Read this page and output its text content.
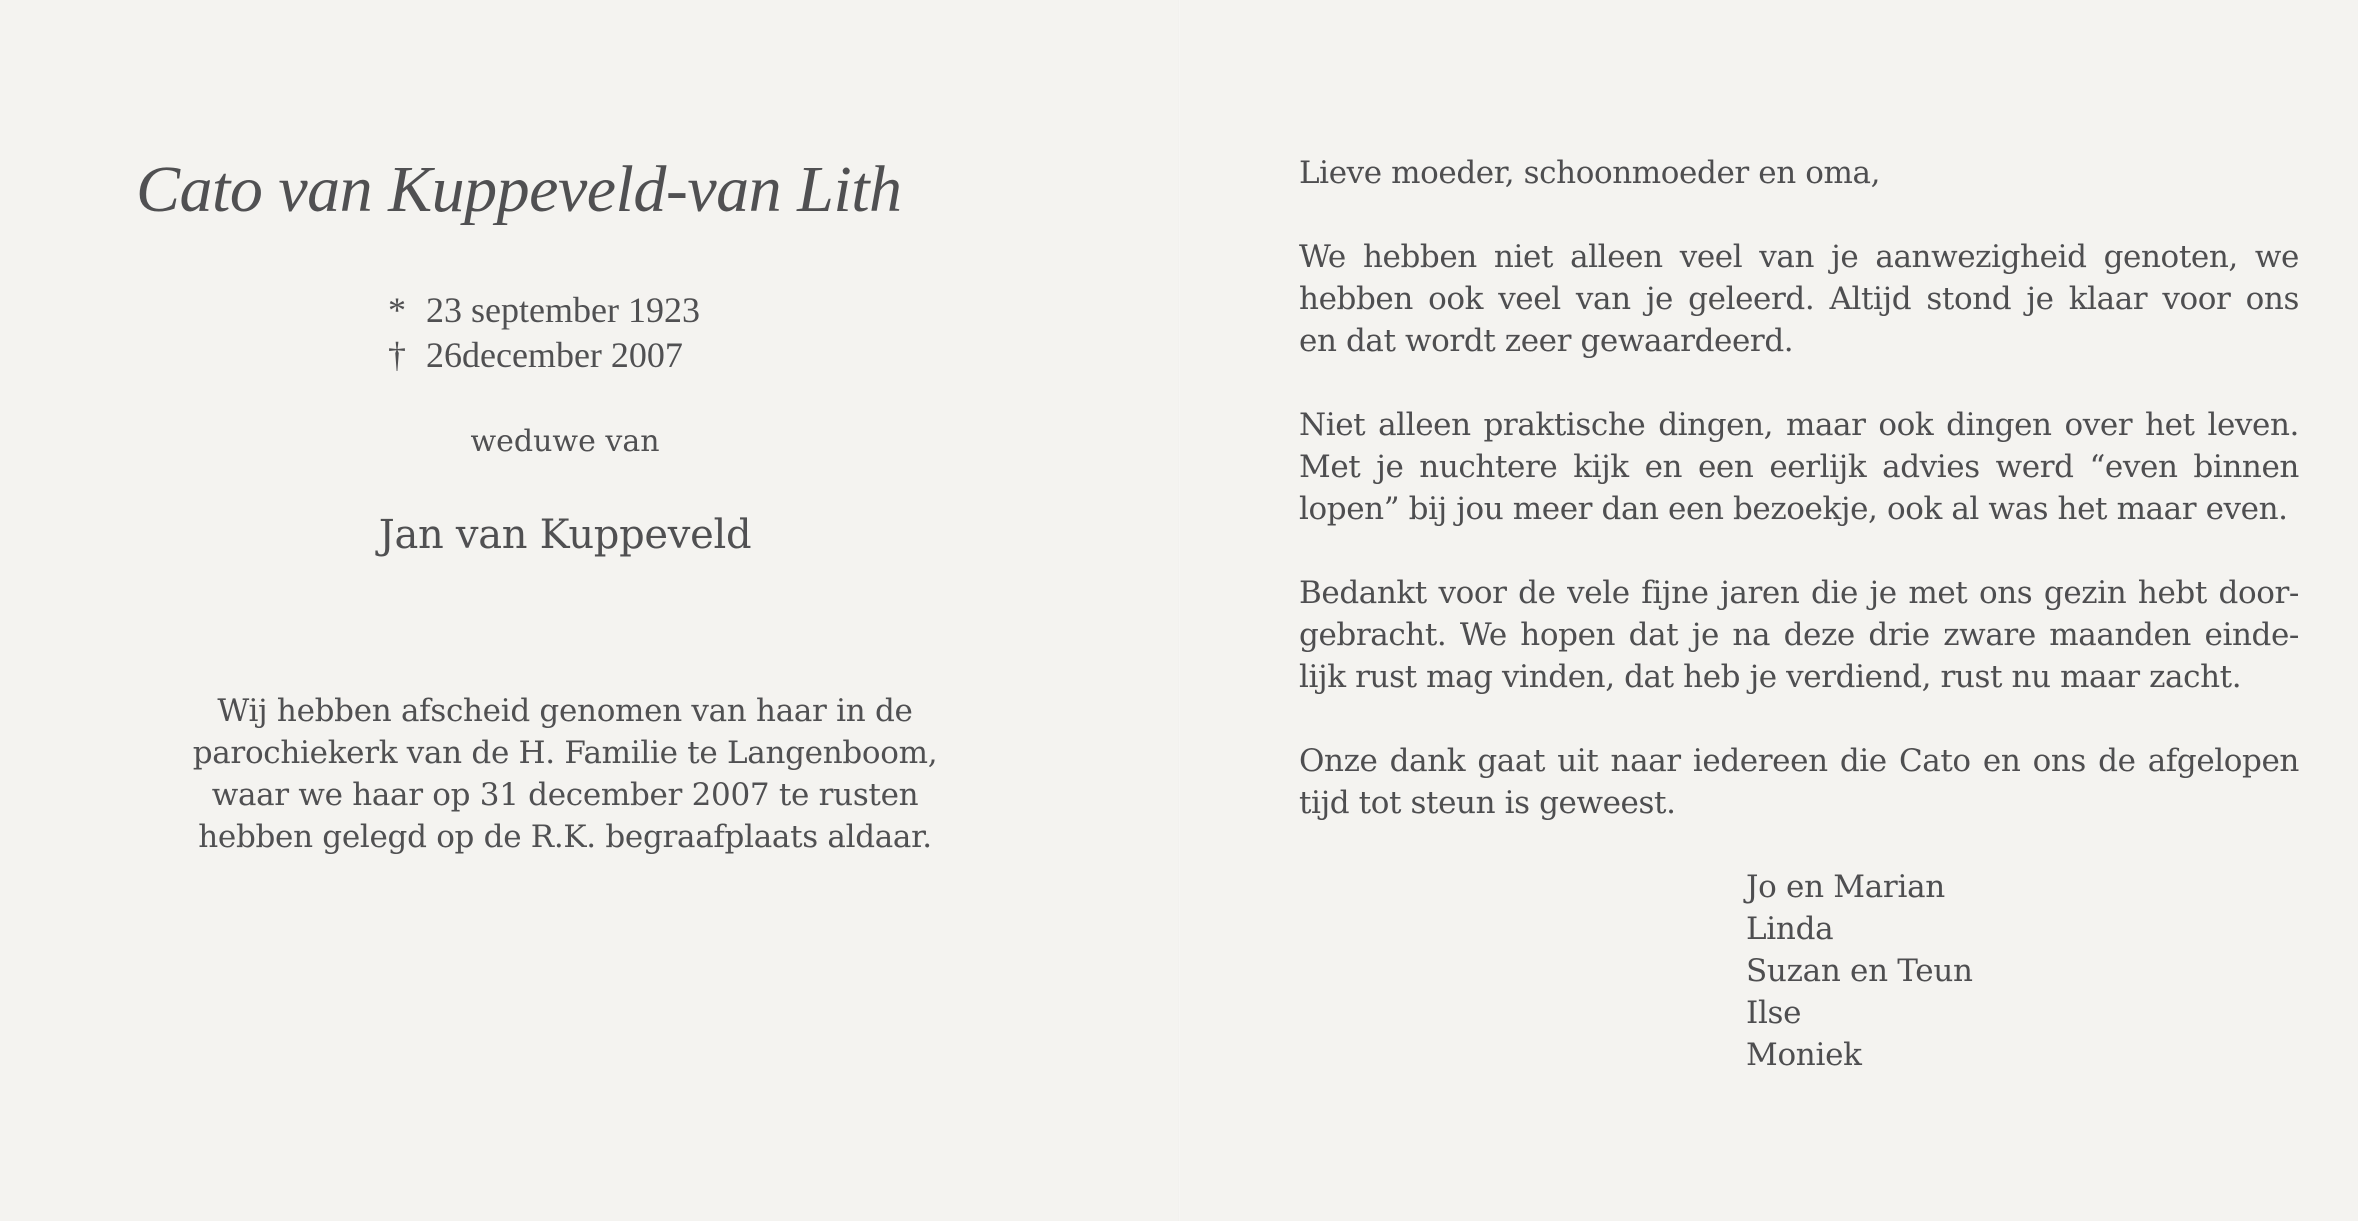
Cato van Kuppeveld-van Lith
* 23 september 1923
† 26december 2007
weduwe van
Jan van Kuppeveld
Wij hebben afscheid genomen van haar in de
parochiekerk van de H. Familie te Langenboom,
waar we haar op 31 december 2007 te rusten
hebben gelegd op de R.K. begraafplaats aldaar.

Lieve moeder, schoonmoeder en oma,

We hebben niet alleen veel van je aanwezigheid genoten, we
hebben ook veel van je geleerd. Altijd stond je klaar voor ons
en dat wordt zeer gewaardeerd.

Niet alleen praktische dingen, maar ook dingen over het leven.
Met je nuchtere kijk en een eerlijk advies werd “even binnen
lopen” bij jou meer dan een bezoekje, ook al was het maar even.

Bedankt voor de vele fijne jaren die je met ons gezin hebt door-
gebracht. We hopen dat je na deze drie zware maanden einde-
lijk rust mag vinden, dat heb je verdiend, rust nu maar zacht.

Onze dank gaat uit naar iedereen die Cato en ons de afgelopen
tijd tot steun is geweest.

Jo en Marian
Linda
Suzan en Teun
Ilse
Moniek
